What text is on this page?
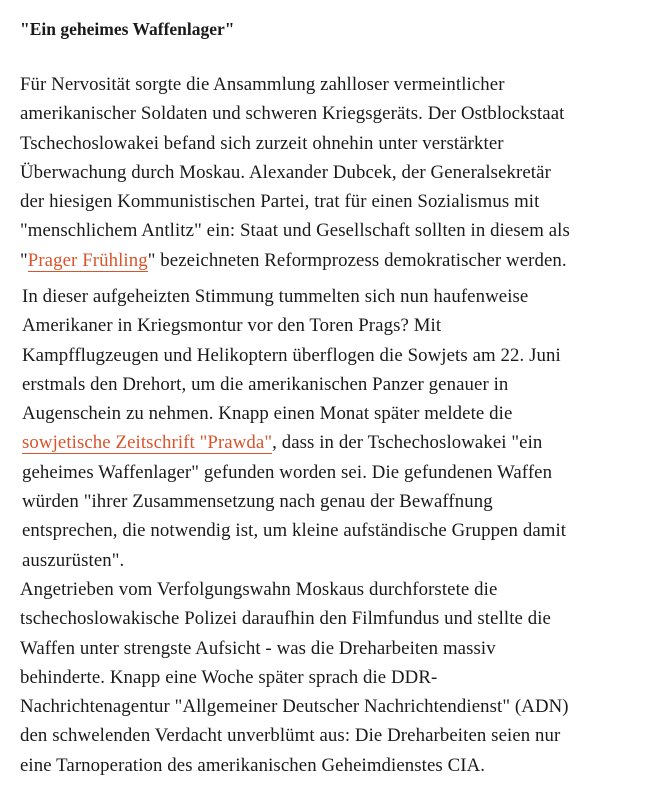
"Ein geheimes Waffenlager"

Für Nervosität sorgte die Ansammlung zahlloser vermeintlicher
amerikanischer Soldaten und schweren Kriegsgeräts. Der Ostblockstaat
Tschechoslowakei befand sich zurzeit ohnehin unter verstärkter
Überwachung durch Moskau. Alexander Dubcek, der Generalsekretär
der hiesigen Kommunistischen Partei, trat für einen Sozialismus mit
"menschlichem Antlitz" ein: Staat und Gesellschaft sollten in diesem als
"Prager Frühling" bezeichneten Reformprozess demokratischer werden.

In dieser aufgeheizten Stimmung tummelten sich nun haufenweise
Amerikaner in Kriegsmontur vor den Toren Prags? Mit
Kampfflugzeugen und Helikoptern überflogen die Sowjets am 22. Juni
erstmals den Drehort, um die amerikanischen Panzer genauer in
Augenschein zu nehmen. Knapp einen Monat später meldete die
sowjetische Zeitschrift "Prawda", dass in der Tschechoslowakei "ein
geheimes Waffenlager" gefunden worden sei. Die gefundenen Waffen
würden "ihrer Zusammensetzung nach genau der Bewaffnung
entsprechen, die notwendig ist, um kleine aufständische Gruppen damit
auszurüsten".

Angetrieben vom Verfolgungswahn Moskaus durchforstete die
tschechoslowakische Polizei daraufhin den Filmfundus und stellte die
Waffen unter strengste Aufsicht - was die Dreharbeiten massiv
behinderte. Knapp eine Woche später sprach die DDR-
Nachrichtenagentur "Allgemeiner Deutscher Nachrichtendienst" (ADN)
den schwelenden Verdacht unverblümt aus: Die Dreharbeiten seien nur
eine Tarnoperation des amerikanischen Geheimdienstes CIA.
